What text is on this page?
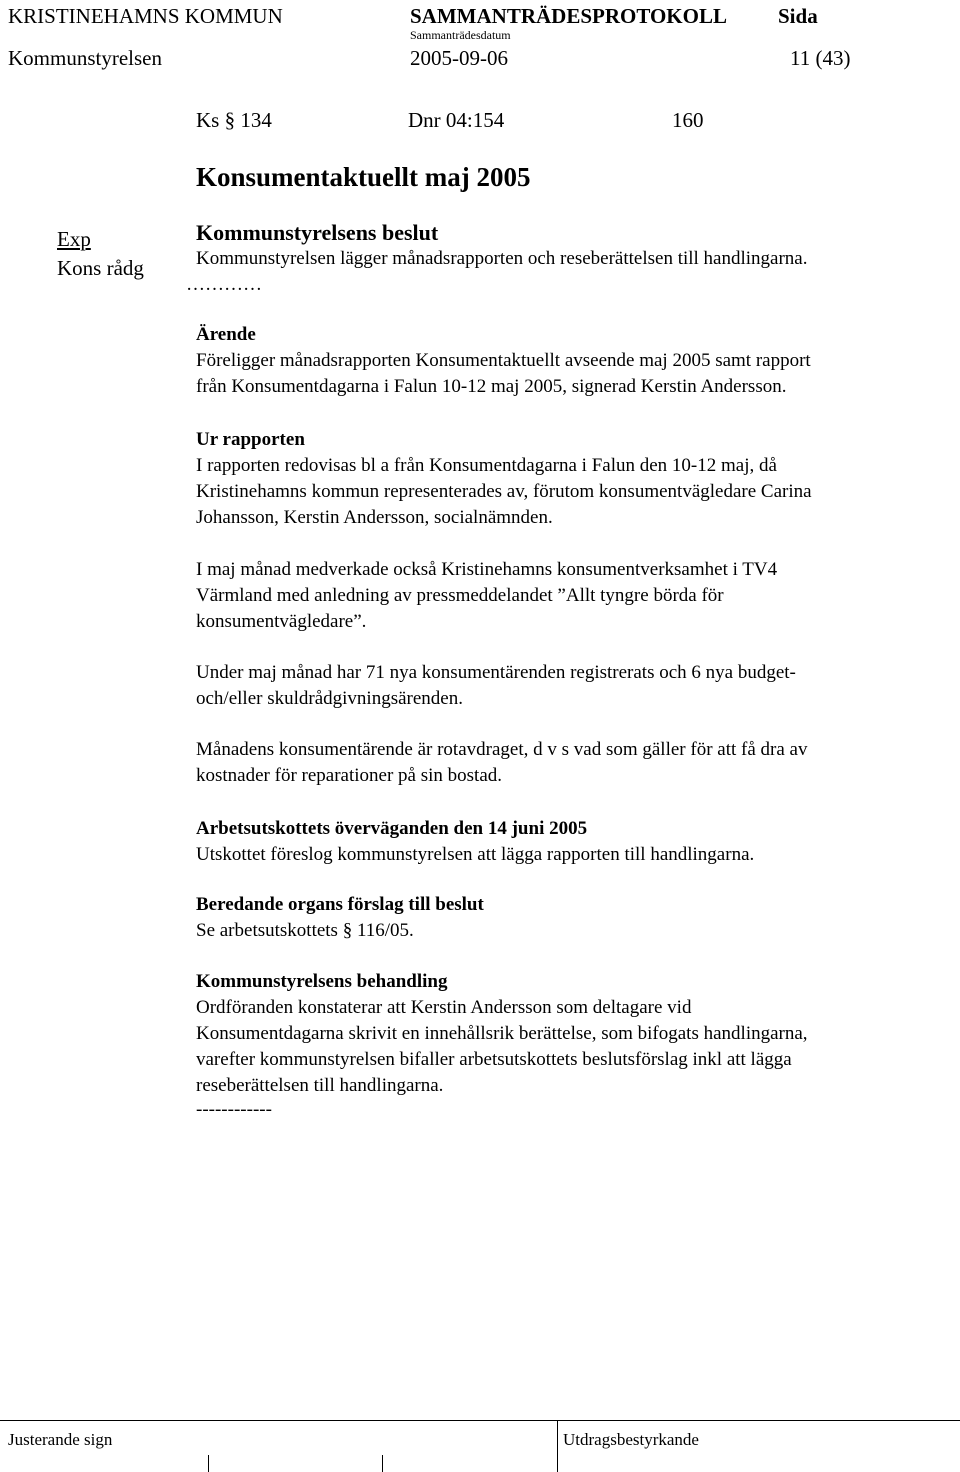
KRISTINEHAMNS KOMMUN	SAMMANTRÄDESPROTOKOLL Sida
Sammanträdesdatum
Kommunstyrelsen	2005-09-06	11 (43)
Ks § 134	Dnr 04:154	160
Konsumentaktuellt maj 2005
Exp
Kons rådg
Kommunstyrelsens beslut
Kommunstyrelsen lägger månadsrapporten och reseberättelsen till handlingarna.
…………

Ärende

Föreligger månadsrapporten Konsumentaktuellt avseende maj 2005 samt rapport

från Konsumentdagarna i Falun 10-12 maj 2005, signerad Kerstin Andersson.

Ur rapporten

I rapporten redovisas bl a från Konsumentdagarna i Falun den 10-12 maj, då

Kristinehamns kommun representerades av, förutom konsumentvägledare Carina

Johansson, Kerstin Andersson, socialnämnden.

I maj månad medverkade också Kristinehamns konsumentverksamhet i TV4

Värmland med anledning av pressmeddelandet ”Allt tyngre börda för

konsumentvägledare”.

Under maj månad har 71 nya konsumentärenden registrerats och 6 nya budget-

och/eller skuldrådgivningsärenden.

Månadens konsumentärende är rotavdraget, d v s vad som gäller för att få dra av

kostnader för reparationer på sin bostad.

Arbetsutskottets överväganden den 14 juni 2005

Utskottet föreslog kommunstyrelsen att lägga rapporten till handlingarna.

Beredande organs förslag till beslut

Se arbetsutskottets § 116/05.

Kommunstyrelsens behandling

Ordföranden konstaterar att Kerstin Andersson som deltagare vid

Konsumentdagarna skrivit en innehållsrik berättelse, som bifogats handlingarna,

varefter kommunstyrelsen bifaller arbetsutskottets beslutsförslag inkl att lägga

reseberättelsen till handlingarna.

------------

Justerande sign	Utdragsbestyrkande
